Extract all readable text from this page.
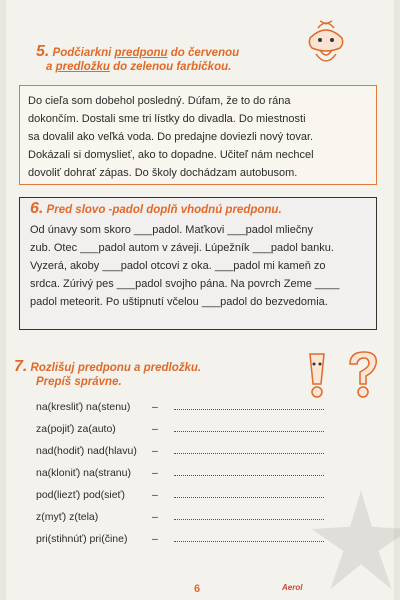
5. Podčiarkni predponu do červenou
a predložku do zelenou farbičkou.

Do cieľa som dobehol posledný. Dúfam, že to do rána

dokončím. Dostali sme tri lístky do divadla. Do miestnosti

sa dovalil ako veľká voda. Do predajne doviezli nový tovar.

Dokázali si domyslieť, ako to dopadne. Učiteľ nám nechcel

dovoliť dohrať zápas. Do školy dochádzam autobusom.

6. Pred slovo -padol doplň vhodnú predponu.

Od únavy som skoro ___padol. Maťkovi ___padol mliečny

zub. Otec ___padol autom v záveji. Lúpežník ___padol banku.

Vyzerá, akoby ___padol otcovi z oka. ___padol mi kameň zo

srdca. Zúrivý pes ___padol svojho pána. Na povrch Zeme ____

padol meteorit. Po uštipnutí včelou ___padol do bezvedomia.

7. Rozlišuj predponu a predložku.
Prepíš správne.
na(kresliť) na(stenu)	–
za(pojiť) za(auto)	–
nad(hodiť) nad(hlavu)	–
na(kloniť) na(stranu)	–
pod(liezť) pod(sieť)	–
z(myť) z(tela)	–
pri(stihnúť) pri(čine)	–
6	Aerol
